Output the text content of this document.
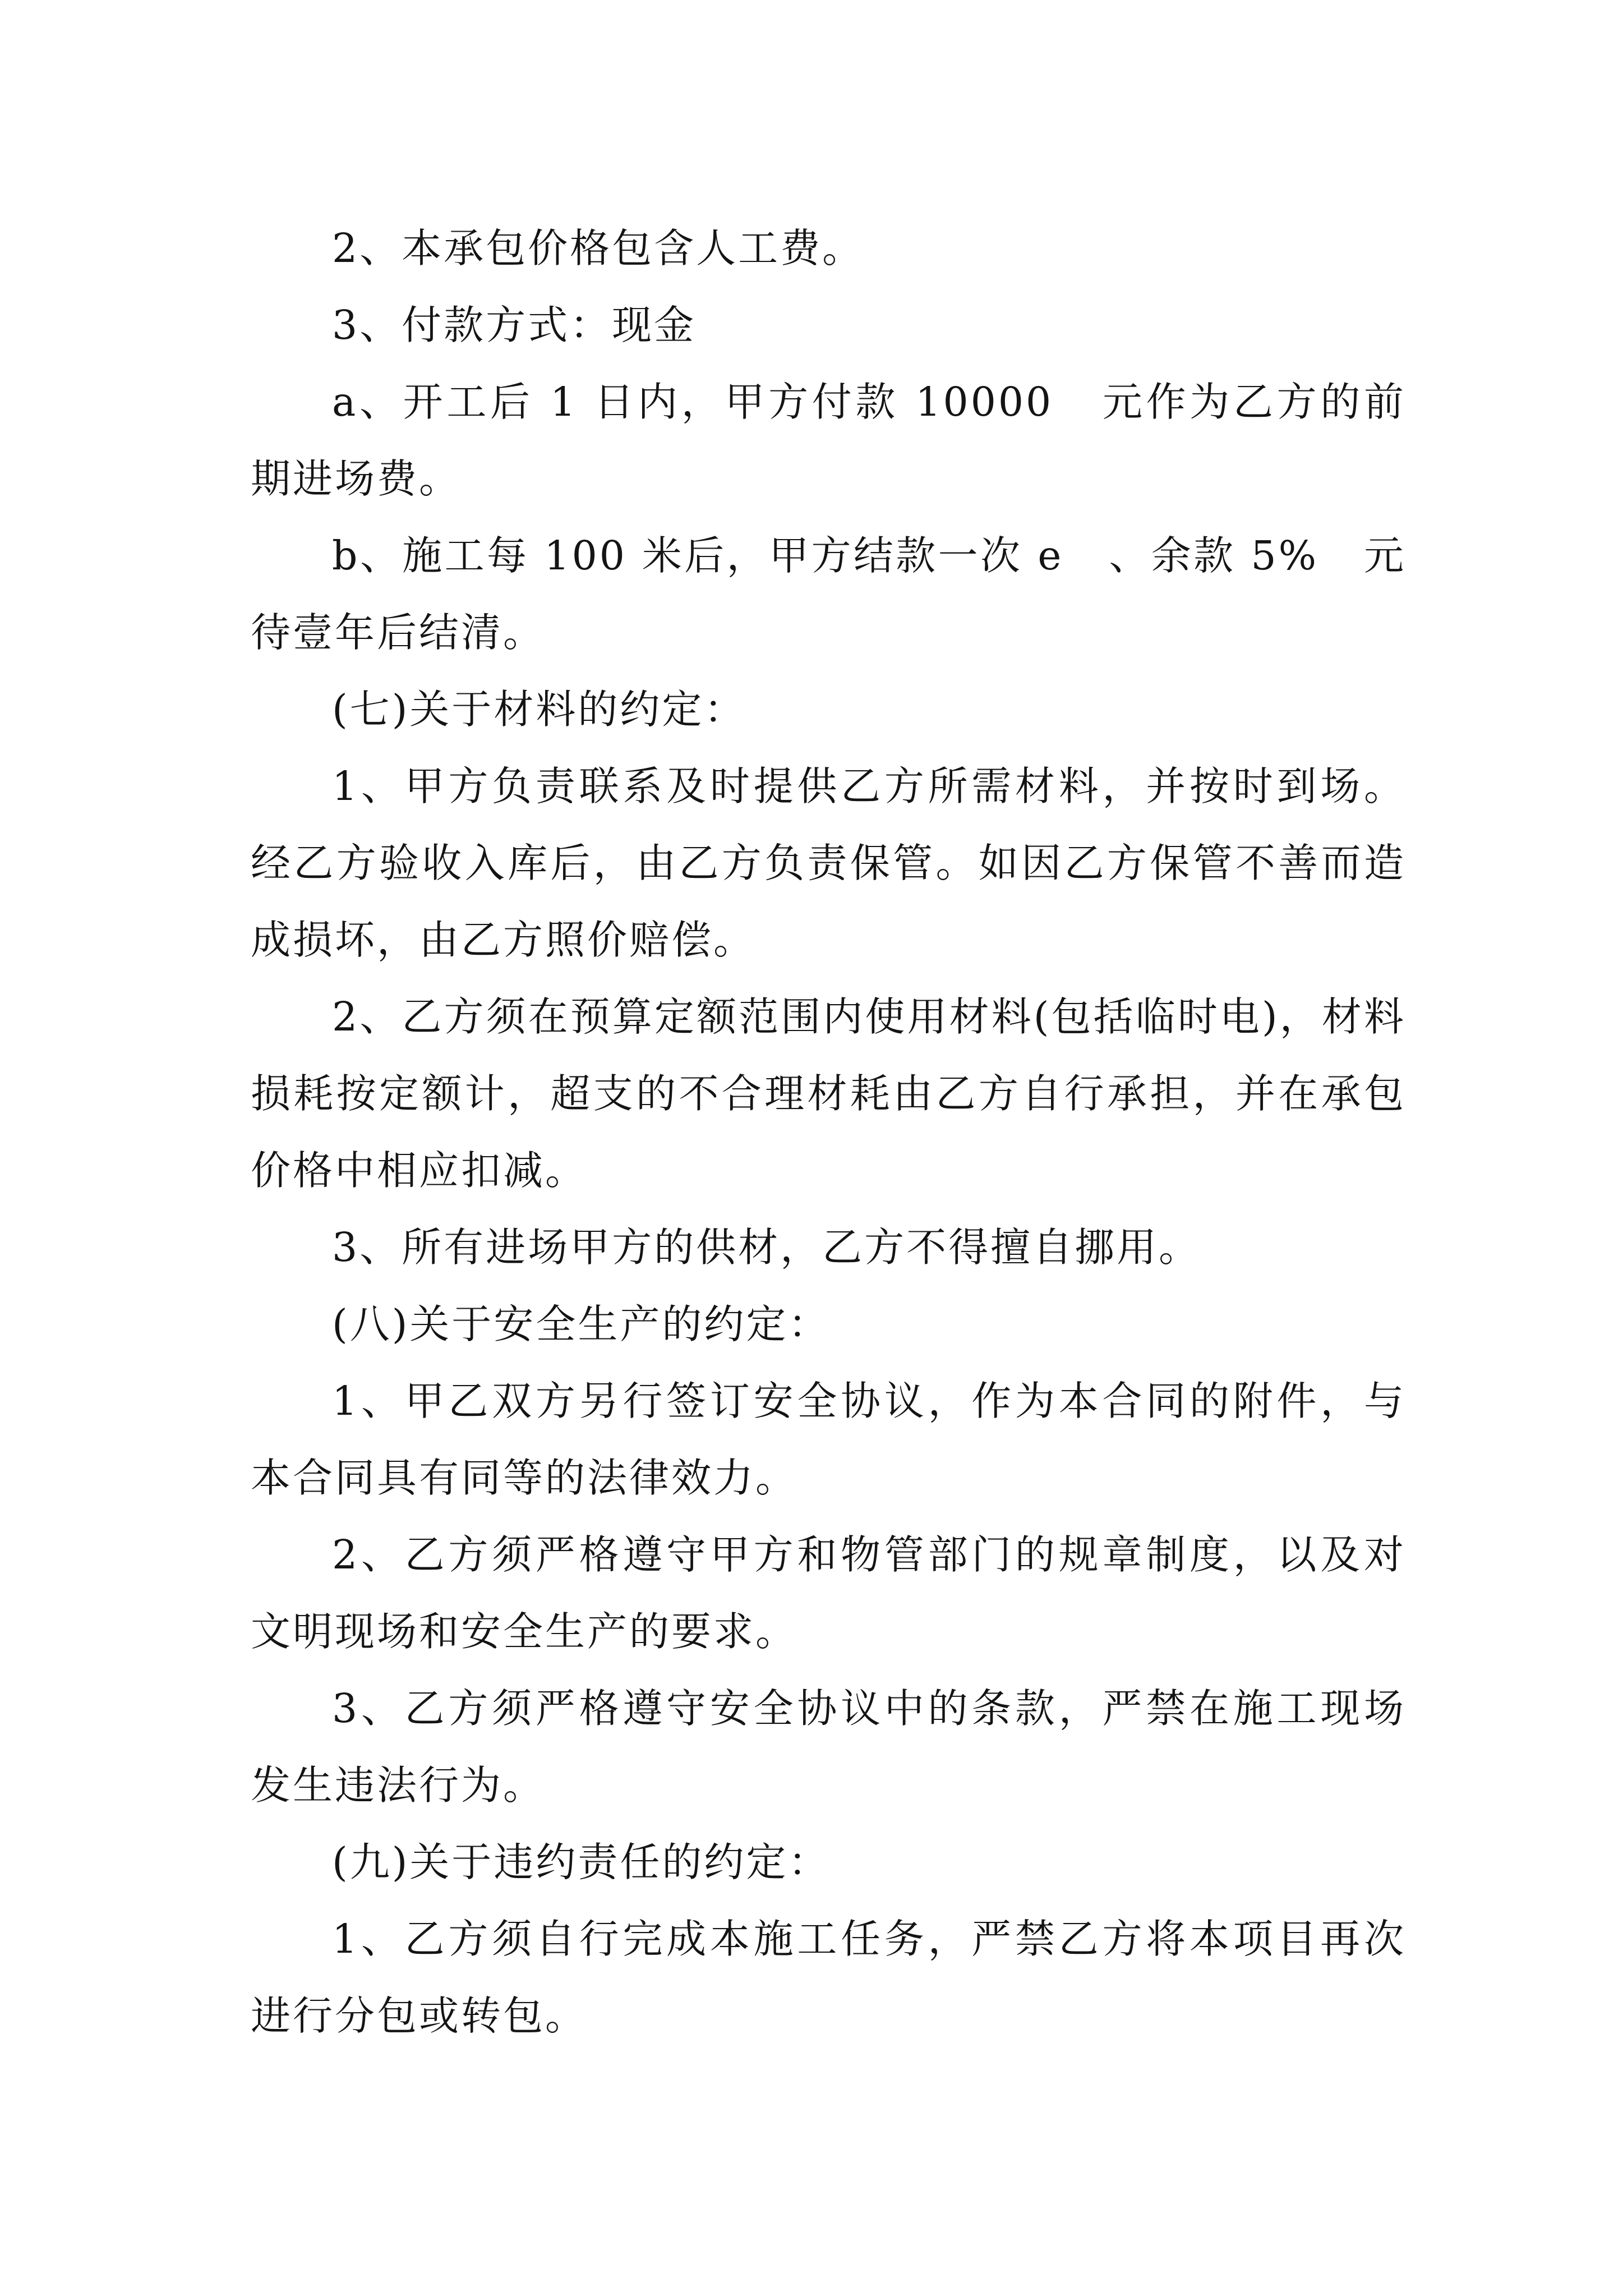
2、本承包价格包含人工费。

3、付款方式：现金

a、开工后 1 日内，甲方付款 10000   元作为乙方的前期进场费。

b、施工每 100 米后，甲方结款一次 e   、余款 5%   元待壹年后结清。

(七)关于材料的约定：

1、甲方负责联系及时提供乙方所需材料，并按时到场。经乙方验收入库后，由乙方负责保管。如因乙方保管不善而造成损坏，由乙方照价赔偿。

2、乙方须在预算定额范围内使用材料(包括临时电)，材料损耗按定额计，超支的不合理材耗由乙方自行承担，并在承包价格中相应扣减。

3、所有进场甲方的供材，乙方不得擅自挪用。

(八)关于安全生产的约定：

1、甲乙双方另行签订安全协议，作为本合同的附件，与本合同具有同等的法律效力。

2、乙方须严格遵守甲方和物管部门的规章制度，以及对文明现场和安全生产的要求。

3、乙方须严格遵守安全协议中的条款，严禁在施工现场发生违法行为。

(九)关于违约责任的约定：

1、乙方须自行完成本施工任务，严禁乙方将本项目再次进行分包或转包。
